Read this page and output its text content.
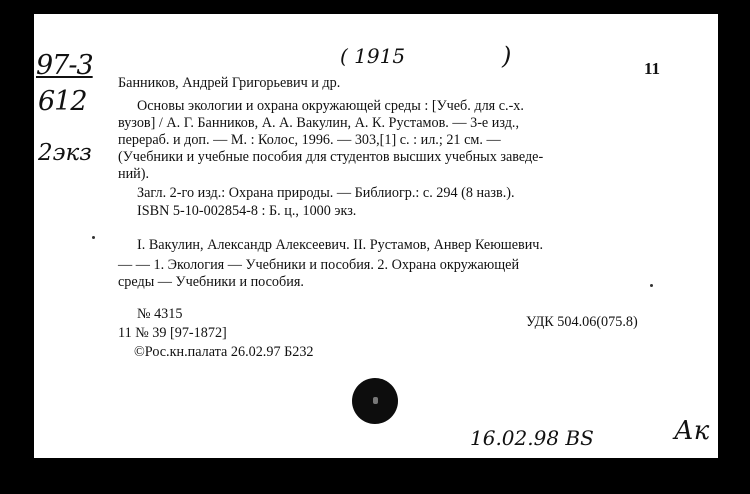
97-3
612
2экз
( 1915	)	11
Банников, Андрей Григорьевич и др.
Основы экологии и охрана окружающей среды : [Учеб. для с.-х.
вузов] / А. Г. Банников, А. А. Вакулин, А. К. Рустамов. — 3-е изд.,
перераб. и доп. — М. : Колос, 1996. — 303,[1] с. : ил.; 21 см. —
(Учебники и учебные пособия для студентов высших учебных заведе-
ний).
Загл. 2-го изд.: Охрана природы. — Библиогр.: с. 294 (8 назв.).
ISBN 5-10-002854-8 : Б. ц., 1000 экз.
I. Вакулин, Александр Алексеевич. II. Рустамов, Анвер Кеюшевич.
— — 1. Экология — Учебники и пособия. 2. Охрана окружающей
среды — Учебники и пособия.
№ 4315	УДК 504.06(075.8)
11 № 39 [97-1872]
©Рос.кн.палата 26.02.97 Б232
16.02.98 BS	Ак
